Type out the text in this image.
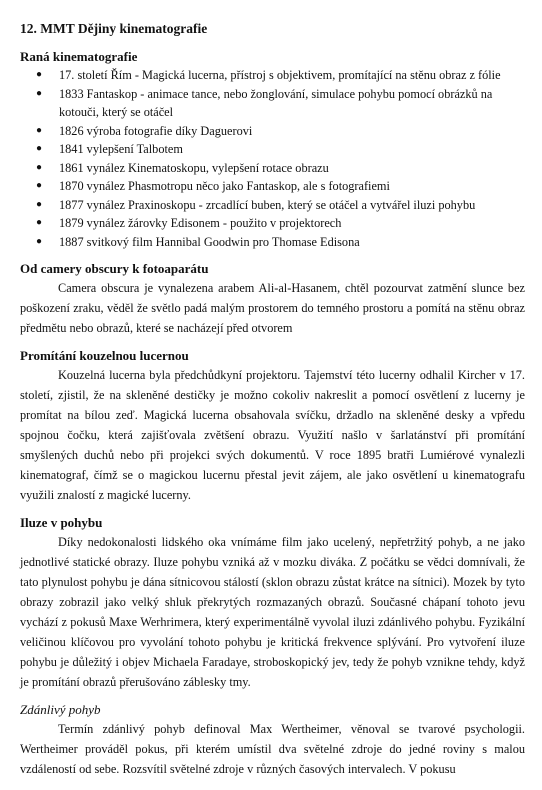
12. MMT Dějiny kinematografie
Raná kinematografie
● 17. století Řím - Magická lucerna, přístroj s objektivem, promítající na stěnu obraz z fólie
● 1833 Fantaskop - animace tance, nebo žonglování, simulace pohybu pomocí obrázků na kotouči, který se otáčel
● 1826 výroba fotografie díky Daguerovi
● 1841 vylepšení Talbotem
● 1861 vynález Kinematoskopu, vylepšení rotace obrazu
● 1870 vynález Phasmotropu něco jako Fantaskop, ale s fotografiemi
● 1877 vynález Praxinoskopu - zrcadlící buben, který se otáčel a vytvářel iluzi pohybu
● 1879 vynález žárovky Edisonem - použito v projektorech
● 1887 svitkový film Hannibal Goodwin pro Thomase Edisona
Od camery obscury k fotoaparátu

Camera obscura je vynalezena arabem Ali-al-Hasanem, chtěl pozourvat zatmění slunce bez poškození zraku, věděl že světlo padá malým prostorem do temného prostoru a pomítá na stěnu obraz předmětu nebo obrazů, které se nacházejí před otvorem

Promítání kouzelnou lucernou

Kouzelná lucerna byla předchůdkyní projektoru. Tajemství této lucerny odhalil Kircher v 17. století, zjistil, že na skleněné destičky je možno cokoliv nakreslit a pomocí osvětlení z lucerny je promítat na bílou zeď. Magická lucerna obsahovala svíčku, držadlo na skleněné desky a vpředu spojnou čočku, která zajišťovala zvětšení obrazu. Využití našlo v šarlatánství při promítání smyšlených duchů nebo při projekci svých dokumentů. V roce 1895 bratři Lumiérové vynalezli kinematograf, čímž se o magickou lucernu přestal jevit zájem, ale jako osvětlení u kinematografu využili znalostí z magické lucerny.

Iluze v pohybu

Díky nedokonalosti lidského oka vnímáme film jako ucelený, nepřetržitý pohyb, a ne jako jednotlivé statické obrazy. Iluze pohybu vzniká až v mozku diváka. Z počátku se vědci domnívali, že tato plynulost pohybu je dána sítnicovou stálostí (sklon obrazu zůstat krátce na sítnici). Mozek by tyto obrazy zobrazil jako velký shluk překrytých rozmazaných obrazů. Současné chápaní tohoto jevu vychází z pokusů Maxe Werhrimera, který experimentálně vyvolal iluzi zdánlivého pohybu. Fyzikální veličinou klíčovou pro vyvolání tohoto pohybu je kritická frekvence splývání. Pro vytvoření iluze pohybu je důležitý i objev Michaela Faradaye, stroboskopický jev, tedy že pohyb vznikne tehdy, když je promítání obrazů přerušováno záblesky tmy.

Zdánlivý pohyb

Termín zdánlivý pohyb definoval Max Wertheimer, věnoval se tvarové psychologii. Wertheimer prováděl pokus, při kterém umístil dva světelné zdroje do jedné roviny s malou vzdáleností od sebe. Rozsvítil světelné zdroje v různých časových intervalech. V pokusu
